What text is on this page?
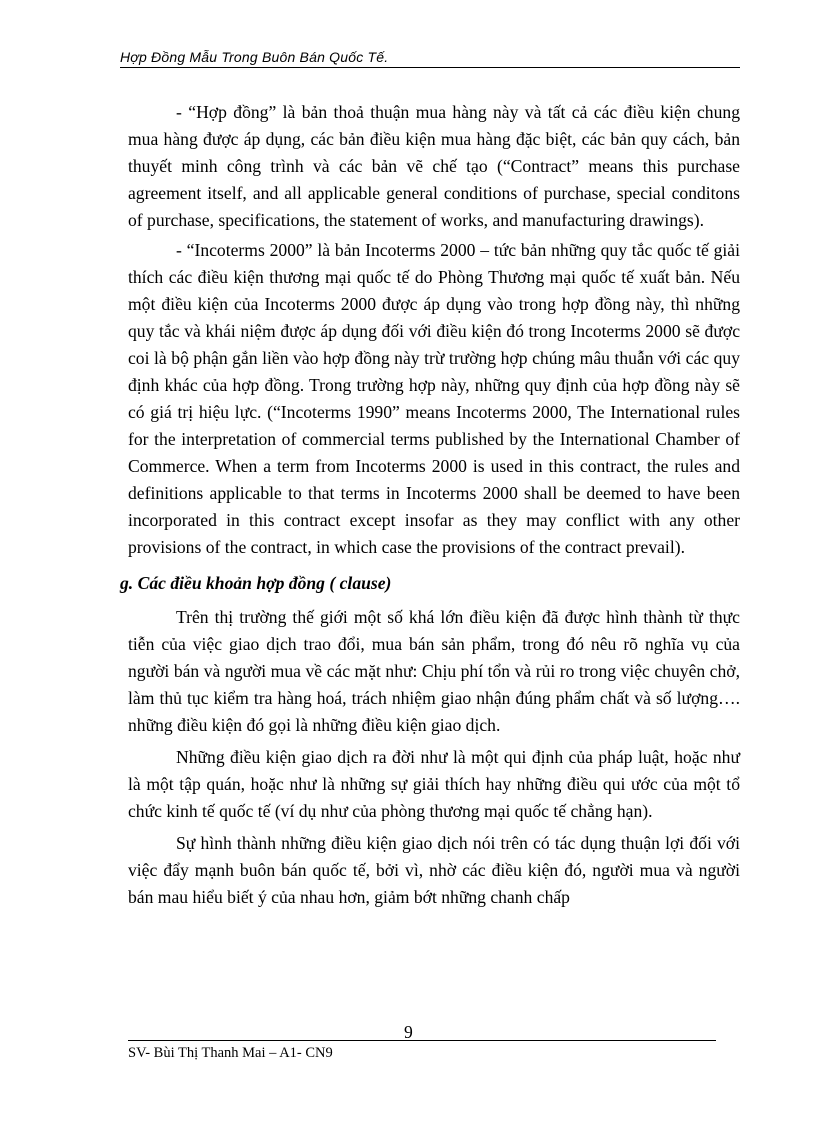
Hợp Đồng Mẫu Trong Buôn Bán Quốc Tế.

- “Hợp đồng” là bản thoả thuận mua hàng này và tất cả các điều kiện chung mua hàng được áp dụng, các bản điều kiện mua hàng đặc biệt, các bản quy cách, bản thuyết minh công trình và các bản vẽ chế tạo (“Contract” means this purchase agreement itself, and all applicable general conditions of purchase, special conditons of purchase, specifications, the statement of works, and manufacturing drawings).

- “Incoterms 2000” là bản Incoterms 2000 – tức bản những quy tắc quốc tế giải thích các điều kiện thương mại quốc tế do Phòng Thương mại quốc tế xuất bản. Nếu một điều kiện của Incoterms 2000 được áp dụng vào trong hợp đồng này, thì những quy tắc và khái niệm được áp dụng đối với điều kiện đó trong Incoterms 2000 sẽ được coi là bộ phận gắn liền vào hợp đồng này trừ trường hợp chúng mâu thuẫn với các quy định khác của hợp đồng. Trong trường hợp này, những quy định của hợp đồng này sẽ có giá trị hiệu lực. (“Incoterms 1990” means Incoterms 2000, The International rules for the interpretation of commercial terms published by the International Chamber of Commerce. When a term from Incoterms 2000 is used in this contract, the rules and definitions applicable to that terms in Incoterms 2000 shall be deemed to have been incorporated in this contract except insofar as they may conflict with any other provisions of the contract, in which case the provisions of the contract prevail).

g. Các điều khoản hợp đồng ( clause)

Trên thị trường thế giới một số khá lớn điều kiện đã được hình thành từ thực tiễn của việc giao dịch trao đổi, mua bán sản phẩm, trong đó nêu rõ nghĩa vụ của người bán và người mua về các mặt như: Chịu phí tổn và rủi ro trong việc chuyên chở, làm thủ tục kiểm tra hàng hoá, trách nhiệm giao nhận đúng phẩm chất và số lượng…. những điều kiện đó gọi là những điều kiện giao dịch.

Những điều kiện giao dịch ra đời như là một qui định của pháp luật, hoặc như là một tập quán, hoặc như là những sự giải thích hay những điều qui ước của một tổ chức kinh tế quốc tế (ví dụ như của phòng thương mại quốc tế chẳng hạn).

Sự hình thành những điều kiện giao dịch nói trên có tác dụng thuận lợi đối với việc đẩy mạnh buôn bán quốc tế, bởi vì, nhờ các điều kiện đó, người mua và người bán mau hiểu biết ý của nhau hơn, giảm bớt những chanh chấp

9
SV- Bùi Thị Thanh Mai – A1- CN9
